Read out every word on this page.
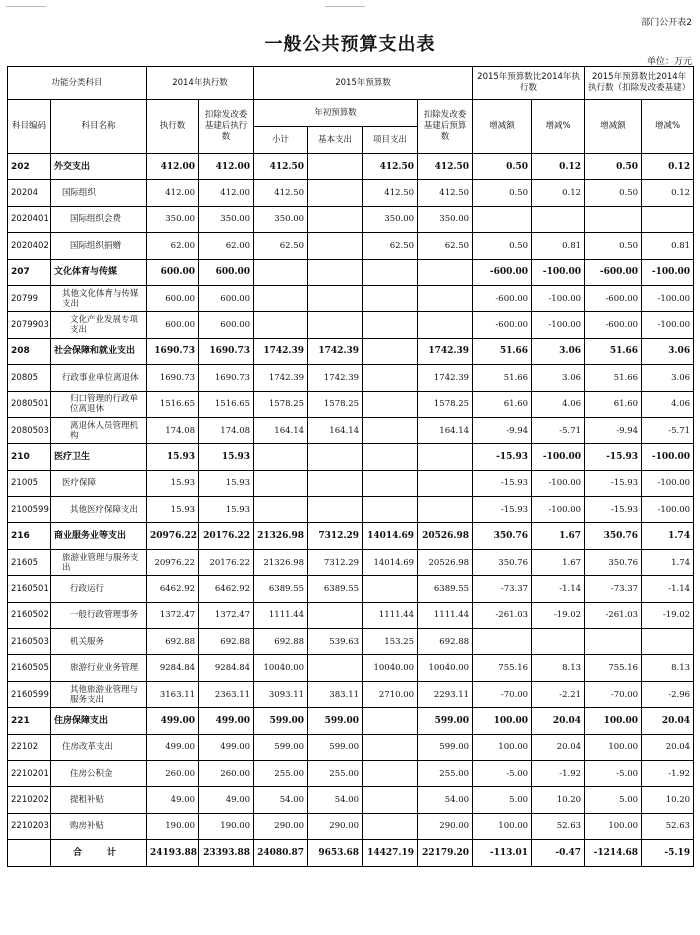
部门公开表2
一般公共预算支出表
单位：万元
功能分类科目		2014年执行数		2015年预算数				2015年预算数比2014年执行数		2015年预算数比2014年执行数（扣除发改委基建）	
科目编码	科目名称	执行数	扣除发改委基建后执行数	年初预算数			扣除发改委基建后预算数	增减额	增减%	增减额	增减%
				小计	基本支出	项目支出					
202	外交支出	412.00	412.00	412.50		412.50	412.50	0.50	0.12	0.50	0.12
20204	国际组织	412.00	412.00	412.50		412.50	412.50	0.50	0.12	0.50	0.12
2020401	国际组织会费	350.00	350.00	350.00		350.00	350.00				
2020402	国际组织捐赠	62.00	62.00	62.50		62.50	62.50	0.50	0.81	0.50	0.81
207	文化体育与传媒	600.00	600.00					-600.00	-100.00	-600.00	-100.00
20799	其他文化体育与传媒支出	600.00	600.00					-600.00	-100.00	-600.00	-100.00
2079903	文化产业发展专项支出	600.00	600.00					-600.00	-100.00	-600.00	-100.00
208	社会保障和就业支出	1690.73	1690.73	1742.39	1742.39		1742.39	51.66	3.06	51.66	3.06
20805	行政事业单位离退休	1690.73	1690.73	1742.39	1742.39		1742.39	51.66	3.06	51.66	3.06
2080501	归口管理的行政单位离退休	1516.65	1516.65	1578.25	1578.25		1578.25	61.60	4.06	61.60	4.06
2080503	离退休人员管理机构	174.08	174.08	164.14	164.14		164.14	-9.94	-5.71	-9.94	-5.71
210	医疗卫生	15.93	15.93					-15.93	-100.00	-15.93	-100.00
21005	医疗保障	15.93	15.93					-15.93	-100.00	-15.93	-100.00
2100599	其他医疗保障支出	15.93	15.93					-15.93	-100.00	-15.93	-100.00
216	商业服务业等支出	20976.22	20176.22	21326.98	7312.29	14014.69	20526.98	350.76	1.67	350.76	1.74
21605	旅游业管理与服务支出	20976.22	20176.22	21326.98	7312.29	14014.69	20526.98	350.76	1.67	350.76	1.74
2160501	行政运行	6462.92	6462.92	6389.55	6389.55		6389.55	-73.37	-1.14	-73.37	-1.14
2160502	一般行政管理事务	1372.47	1372.47	1111.44		1111.44	1111.44	-261.03	-19.02	-261.03	-19.02
2160503	机关服务	692.88	692.88	692.88	539.63	153.25	692.88				
2160505	旅游行业业务管理	9284.84	9284.84	10040.00		10040.00	10040.00	755.16	8.13	755.16	8.13
2160599	其他旅游业管理与服务支出	3163.11	2363.11	3093.11	383.11	2710.00	2293.11	-70.00	-2.21	-70.00	-2.96
221	住房保障支出	499.00	499.00	599.00	599.00		599.00	100.00	20.04	100.00	20.04
22102	住房改革支出	499.00	499.00	599.00	599.00		599.00	100.00	20.04	100.00	20.04
2210201	住房公积金	260.00	260.00	255.00	255.00		255.00	-5.00	-1.92	-5.00	-1.92
2210202	提租补贴	49.00	49.00	54.00	54.00		54.00	5.00	10.20	5.00	10.20
2210203	购房补贴	190.00	190.00	290.00	290.00		290.00	100.00	52.63	100.00	52.63
	合　计	24193.88	23393.88	24080.87	9653.68	14427.19	22179.20	-113.01	-0.47	-1214.68	-5.19
